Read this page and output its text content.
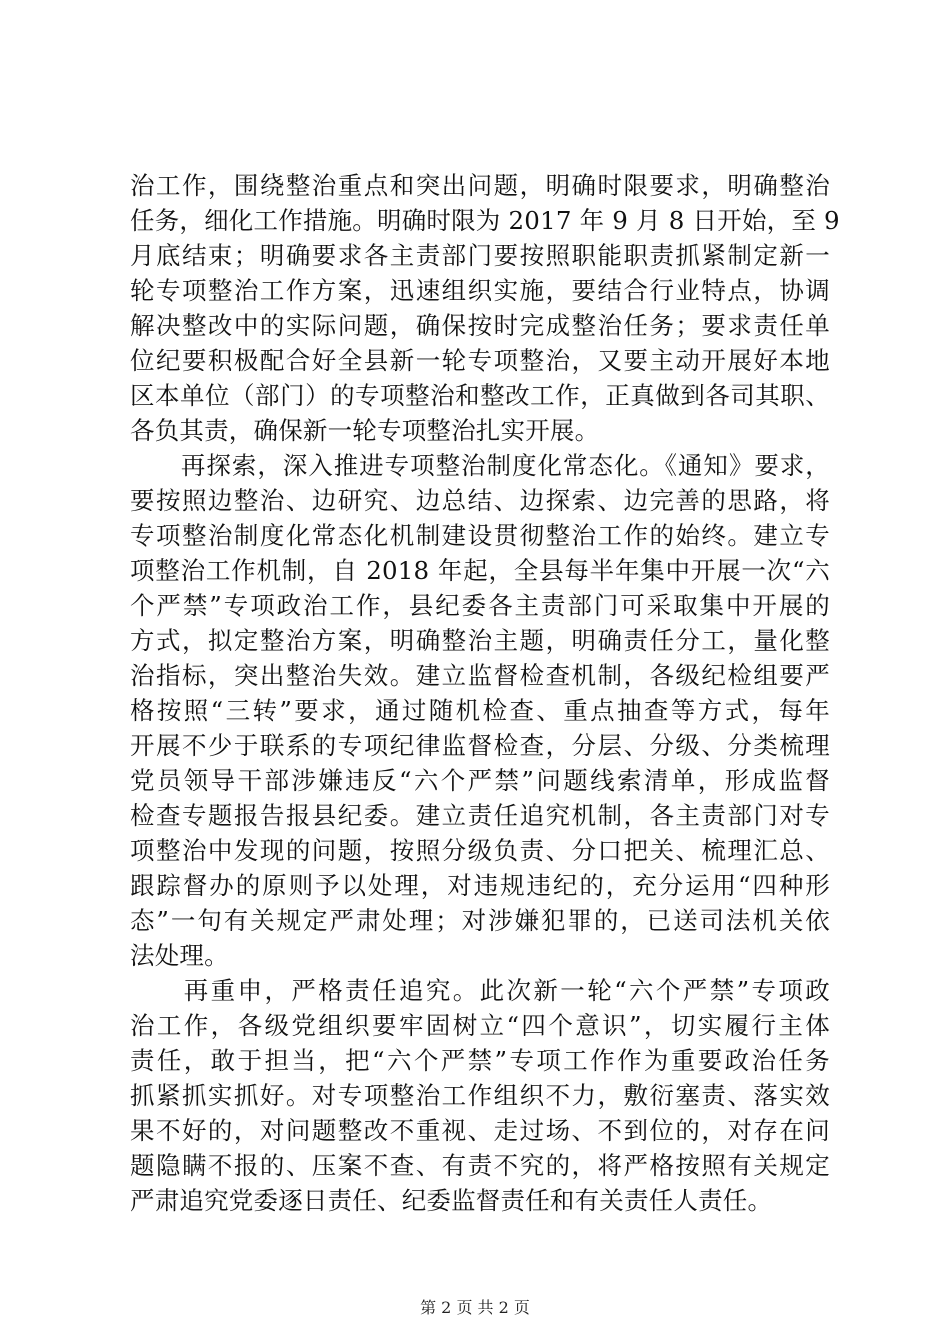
治工作，围绕整治重点和突出问题，明确时限要求，明确整治
任务，细化工作措施。明确时限为 2017 年 9 月 8 日开始，至 9
月底结束；明确要求各主责部门要按照职能职责抓紧制定新一
轮专项整治工作方案，迅速组织实施，要结合行业特点，协调
解决整改中的实际问题，确保按时完成整治任务；要求责任单
位纪要积极配合好全县新一轮专项整治，又要主动开展好本地
区本单位（部门）的专项整治和整改工作，正真做到各司其职、
各负其责，确保新一轮专项整治扎实开展。
　　再探索，深入推进专项整治制度化常态化。《通知》要求，
要按照边整治、边研究、边总结、边探索、边完善的思路，将
专项整治制度化常态化机制建设贯彻整治工作的始终。建立专
项整治工作机制，自 2018 年起，全县每半年集中开展一次“六
个严禁”专项政治工作，县纪委各主责部门可采取集中开展的
方式，拟定整治方案，明确整治主题，明确责任分工，量化整
治指标，突出整治失效。建立监督检查机制，各级纪检组要严
格按照“三转”要求，通过随机检查、重点抽查等方式，每年
开展不少于联系的专项纪律监督检查，分层、分级、分类梳理
党员领导干部涉嫌违反“六个严禁”问题线索清单，形成监督
检查专题报告报县纪委。建立责任追究机制，各主责部门对专
项整治中发现的问题，按照分级负责、分口把关、梳理汇总、
跟踪督办的原则予以处理，对违规违纪的，充分运用“四种形
态”一句有关规定严肃处理；对涉嫌犯罪的，已送司法机关依
法处理。
　　再重申，严格责任追究。此次新一轮“六个严禁”专项政
治工作，各级党组织要牢固树立“四个意识”，切实履行主体
责任，敢于担当，把“六个严禁”专项工作作为重要政治任务
抓紧抓实抓好。对专项整治工作组织不力，敷衍塞责、落实效
果不好的，对问题整改不重视、走过场、不到位的，对存在问
题隐瞒不报的、压案不查、有责不究的，将严格按照有关规定
严肃追究党委逐日责任、纪委监督责任和有关责任人责任。
第 2 页 共 2 页
